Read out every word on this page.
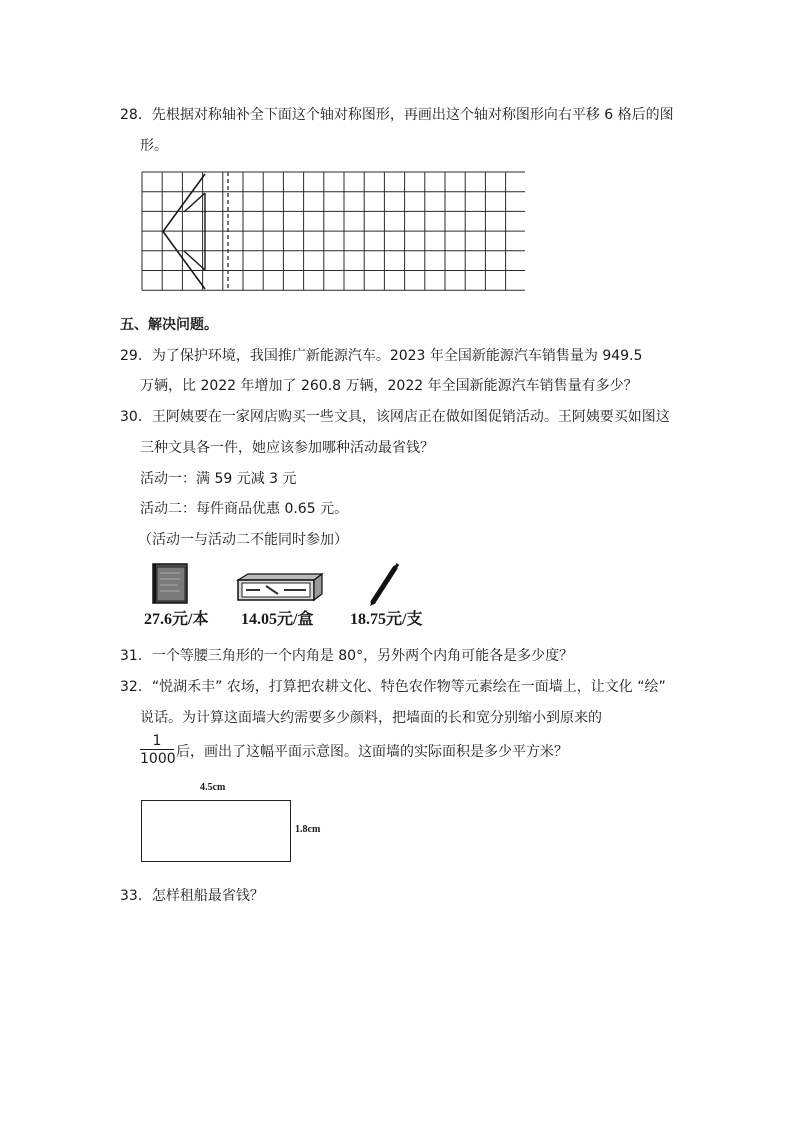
28．先根据对称轴补全下面这个轴对称图形，再画出这个轴对称图形向右平移 6 格后的图
形。
五、解决问题。
29．为了保护环境，我国推广新能源汽车。2023 年全国新能源汽车销售量为 949.5
万辆，比 2022 年增加了 260.8 万辆，2022 年全国新能源汽车销售量有多少？
30．王阿姨要在一家网店购买一些文具，该网店正在做如图促销活动。王阿姨要买如图这
三种文具各一件，她应该参加哪种活动最省钱？
活动一：满 59 元减 3 元
活动二：每件商品优惠 0.65 元。
（活动一与活动二不能同时参加）
27.6元/本 14.05元/盒 18.75元/支
31．一个等腰三角形的一个内角是 80°，另外两个内角可能各是多少度？
32．“悦湖禾丰” 农场，打算把农耕文化、特色农作物等元素绘在一面墙上，让文化 “绘”
说话。为计算这面墙大约需要多少颜料，把墙面的长和宽分别缩小到原来的
$\frac{1}{1000}$ 后，画出了这幅平面示意图。这面墙的实际面积是多少平方米？
4.5cm
1.8cm
33．怎样租船最省钱？
